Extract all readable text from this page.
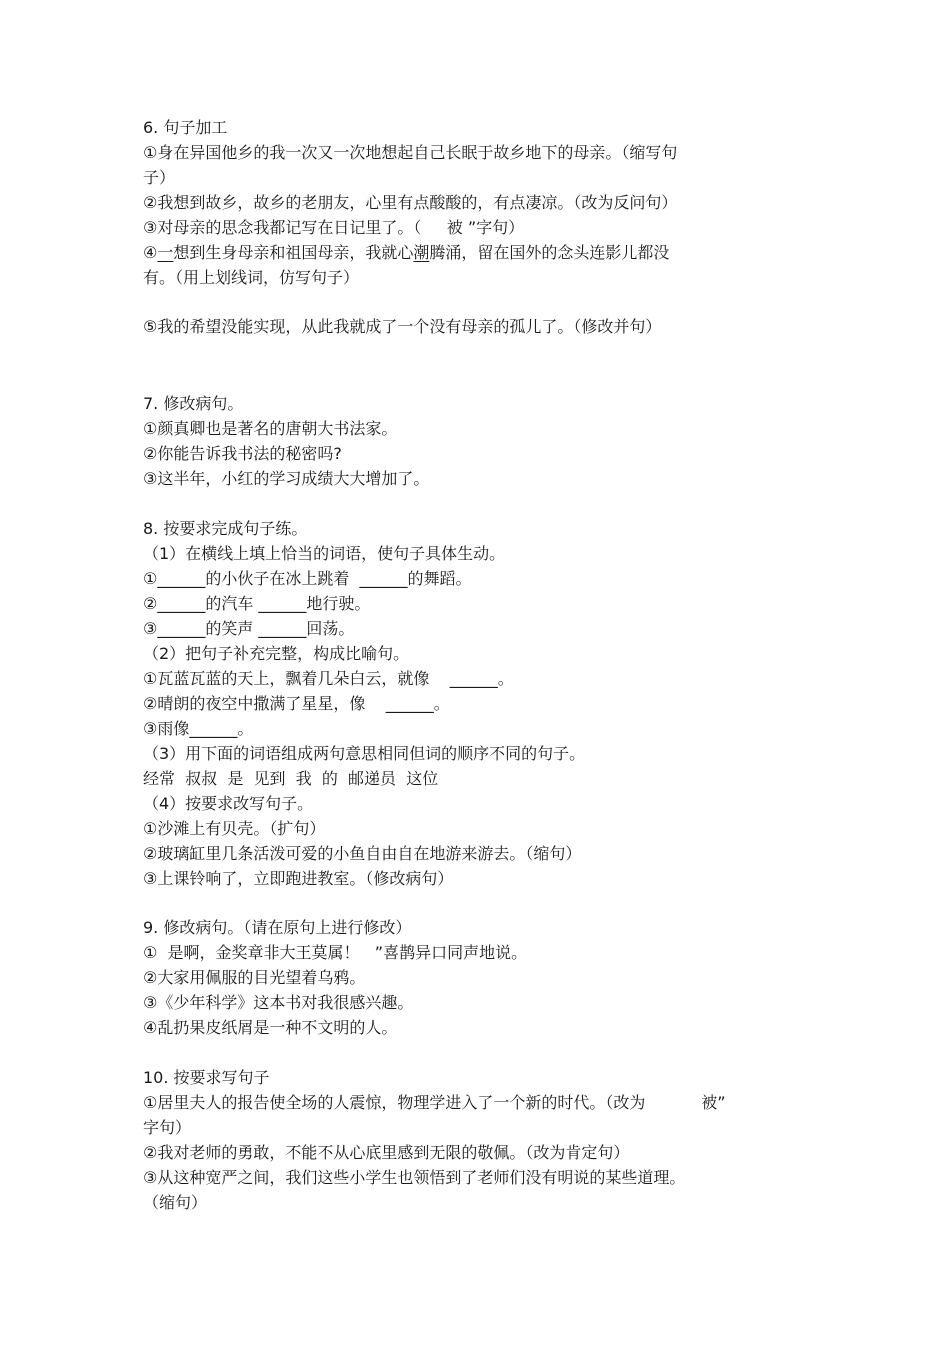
6. 句子加工
①身在异国他乡的我一次又一次地想起自己长眠于故乡地下的母亲。（缩写句
子）
②我想到故乡，故乡的老朋友，心里有点酸酸的，有点凄凉。（改为反问句）
③对母亲的思念我都记写在日记里了。（     被 ”字句）
④一想到生身母亲和祖国母亲，我就心潮腾涌，留在国外的念头连影儿都没
有。（用上划线词，仿写句子）
⑤我的希望没能实现，从此我就成了一个没有母亲的孤儿了。（修改并句）
7. 修改病句。
①颜真卿也是著名的唐朝大书法家。
②你能告诉我书法的秘密吗?
③这半年，小红的学习成绩大大增加了。
8. 按要求完成句子练。
（1）在横线上填上恰当的词语，使句子具体生动。
①______的小伙子在冰上跳着  ______的舞蹈。
②______的汽车 ______地行驶。
③______的笑声 ______回荡。
（2）把句子补充完整，构成比喻句。
①瓦蓝瓦蓝的天上，飘着几朵白云，就像    ______。
②晴朗的夜空中撒满了星星，像    ______。
③雨像______。
（3）用下面的词语组成两句意思相同但词的顺序不同的句子。
经常  叔叔  是  见到  我  的  邮递员  这位
（4）按要求改写句子。
①沙滩上有贝壳。（扩句）
②玻璃缸里几条活泼可爱的小鱼自由自在地游来游去。（缩句）
③上课铃响了，立即跑进教室。（修改病句）
9. 修改病句。（请在原句上进行修改）
①  是啊，金奖章非大王莫属！   ”喜鹊异口同声地说。
②大家用佩服的目光望着乌鸦。
③《少年科学》这本书对我很感兴趣。
④乱扔果皮纸屑是一种不文明的人。
10. 按要求写句子
①居里夫人的报告使全场的人震惊，物理学进入了一个新的时代。（改为           被”
字句）
②我对老师的勇敢，不能不从心底里感到无限的敬佩。（改为肯定句）
③从这种宽严之间，我们这些小学生也领悟到了老师们没有明说的某些道理。
（缩句）
